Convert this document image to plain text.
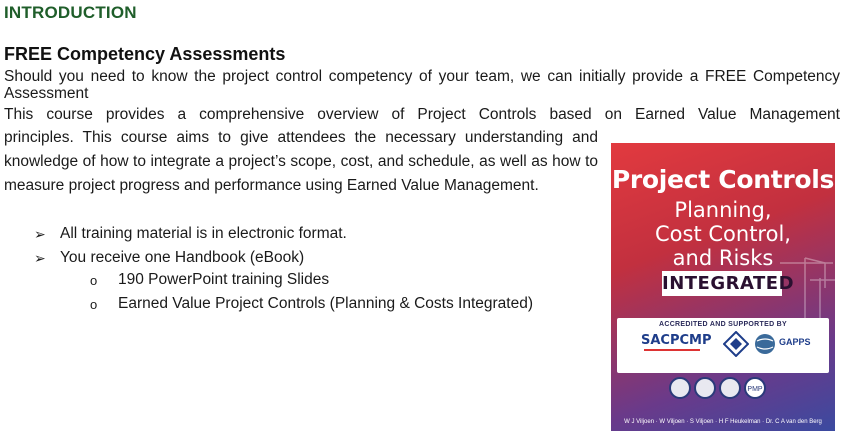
INTRODUCTION
FREE Competency Assessments
Should you need to know the project control competency of your team, we can initially provide a FREE Competency Assessment
This course provides a comprehensive overview of Project Controls based on Earned Value Management
principles. This course aims to give attendees the necessary understanding and knowledge of how to integrate a project’s scope, cost, and schedule, as well as how to measure project progress and performance using Earned Value Management.
➢ All training material is in electronic format.
➢ You receive one Handbook (eBook)
o	190 PowerPoint training Slides
o	Earned Value Project Controls (Planning & Costs Integrated)
Project Controls
Planning,
Cost Control,
and Risks
INTEGRATED
ACCREDITED AND SUPPORTED BY
SACPCMP	GAPPS
CERTIFIED AUTHORS
PMP
W J Viljoen · W Viljoen · S Viljoen · H F Heukelman · Dr. C A van den Berg
